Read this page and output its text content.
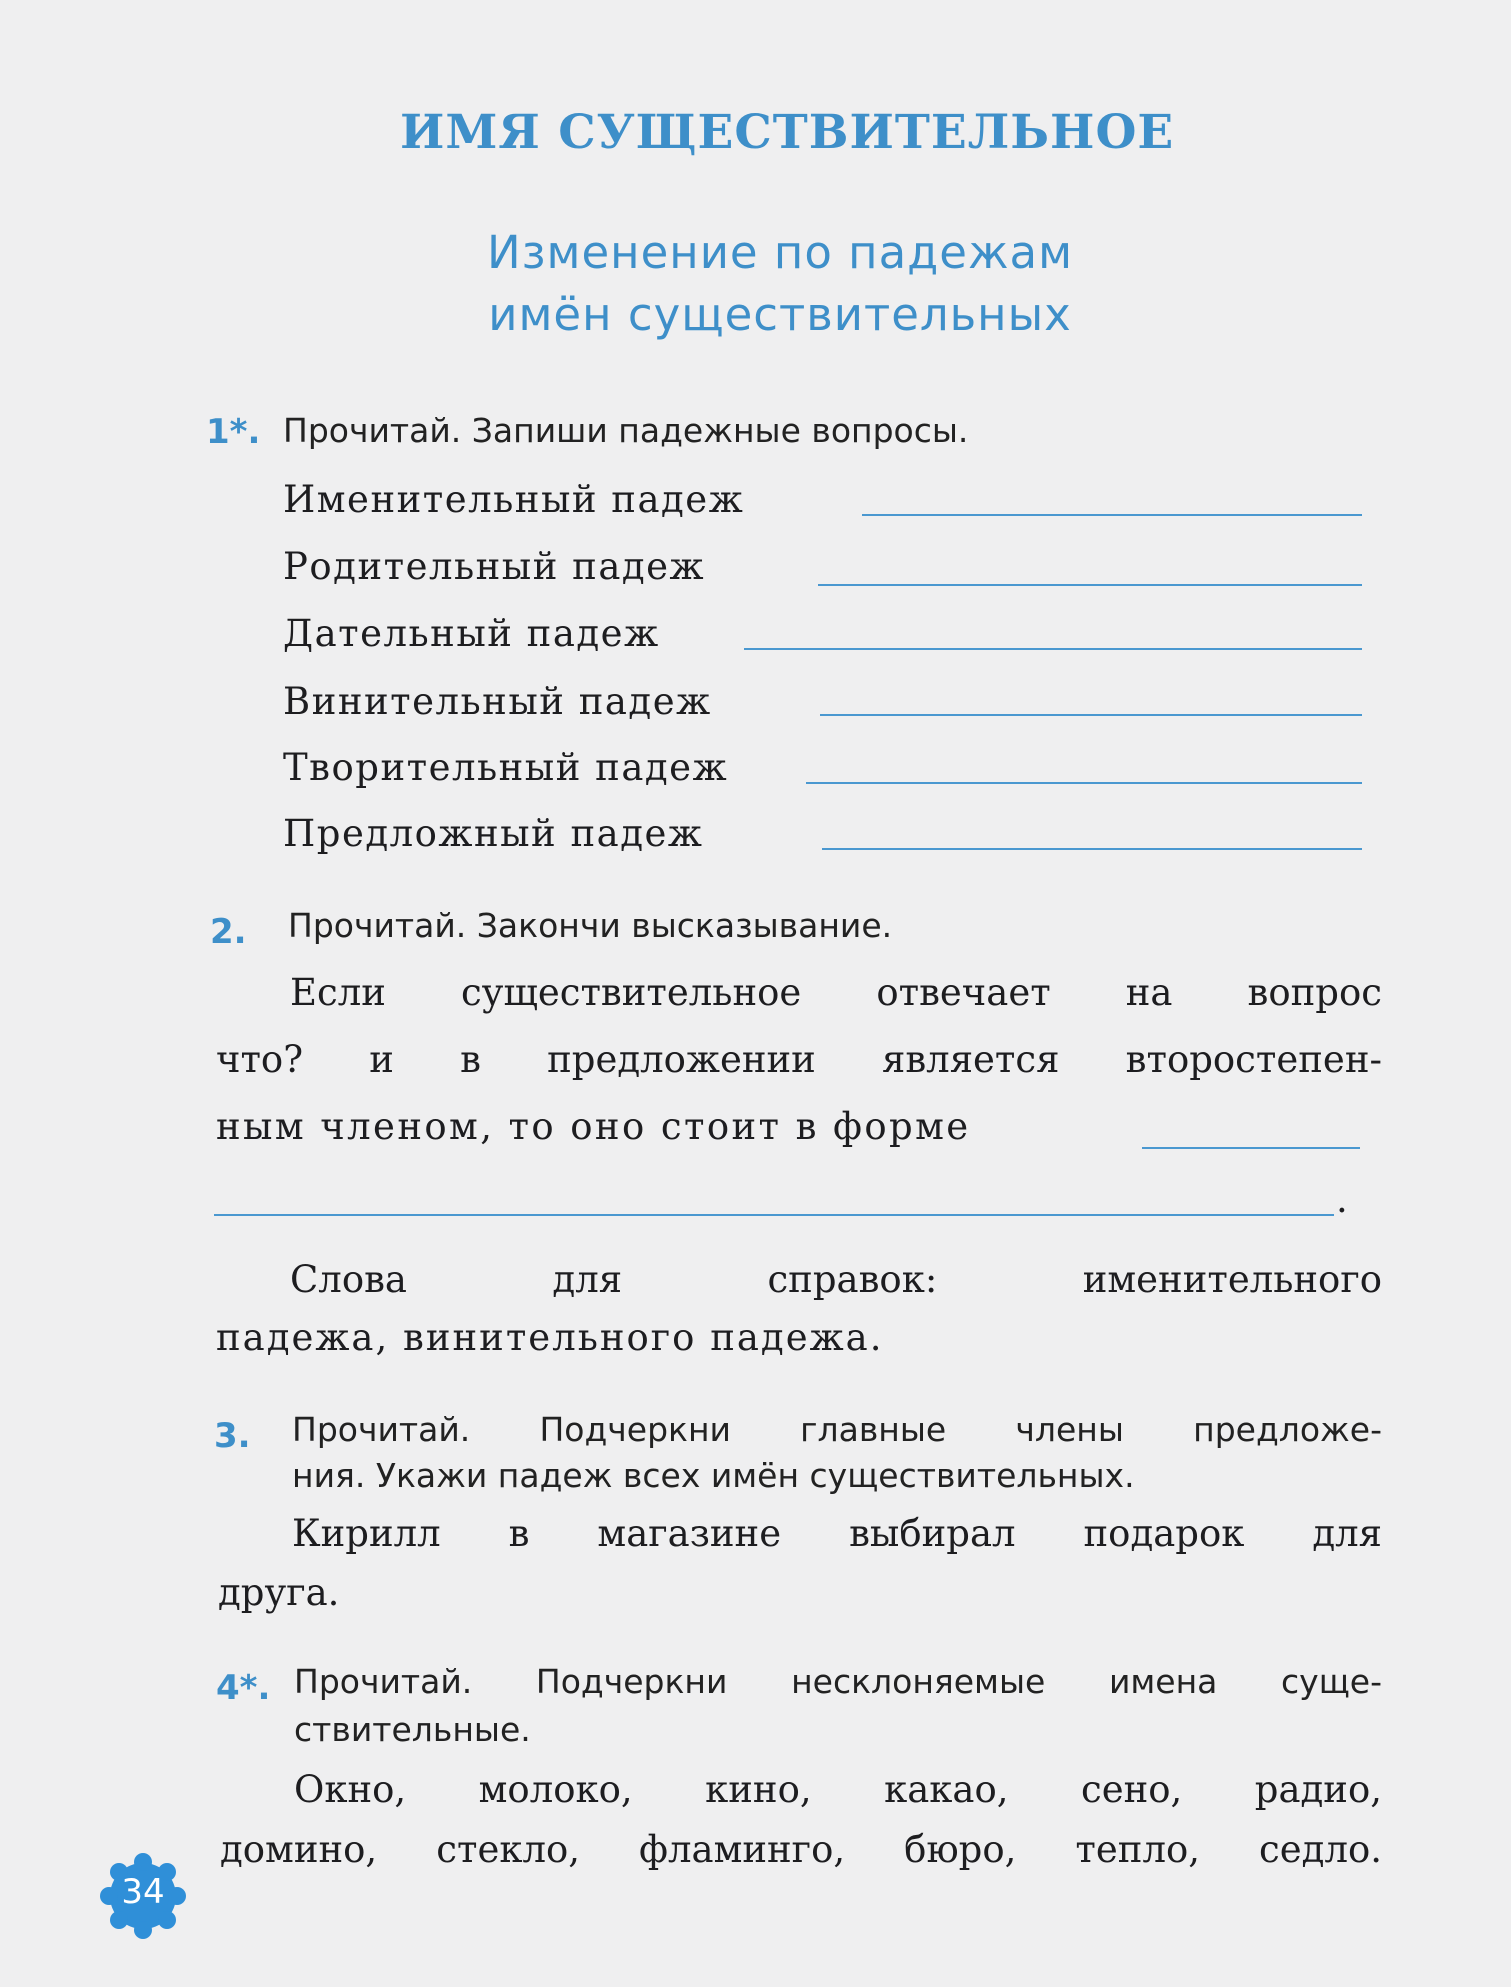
ИМЯ СУЩЕСТВИТЕЛЬНОЕ
Изменение по падежам
имён существительных
1*. Прочитай. Запиши падежные вопросы.
Именительный падеж
Родительный падеж
Дательный падеж
Винительный падеж
Творительный падеж
Предложный падеж
2. Прочитай. Закончи высказывание.
Если существительное отвечает на вопрос
что? и в предложении является второстепен-
ным членом, то оно стоит в форме
.
Слова для справок: именительного
падежа, винительного падежа.
3. Прочитай. Подчеркни главные члены предложе-
ния. Укажи падеж всех имён существительных.
Кирилл в магазине выбирал подарок для
друга.
4*. Прочитай. Подчеркни несклоняемые имена суще-
ствительные.
Окно, молоко, кино, какао, сено, радио,
домино, стекло, фламинго, бюро, тепло, седло.
34
